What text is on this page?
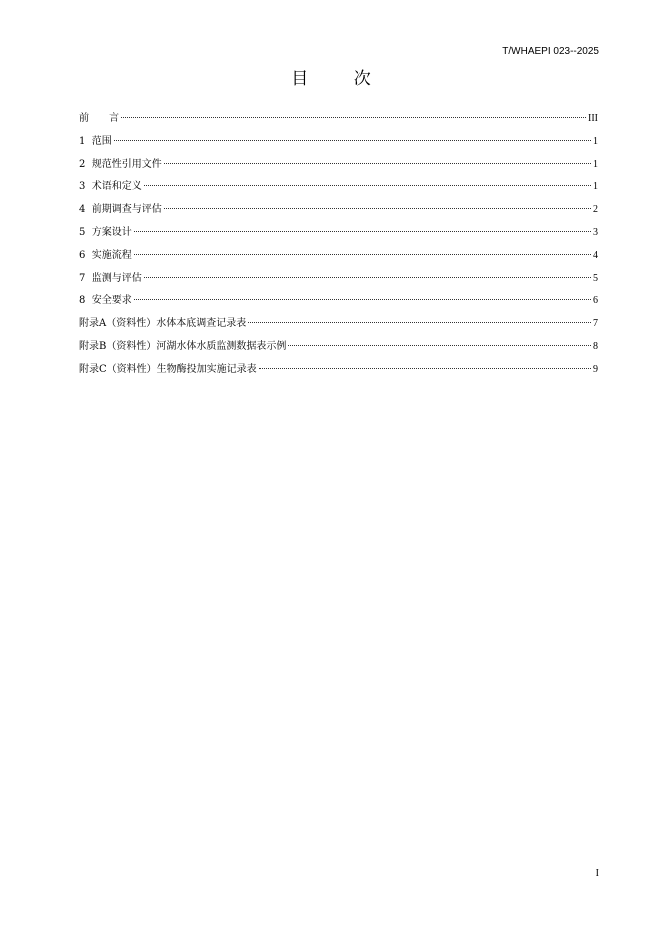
T/WHAEPI 023--2025
目 次
前　　言	III
1  范围	1
2  规范性引用文件	1
3  术语和定义	1
4  前期调查与评估	2
5  方案设计	3
6  实施流程	4
7  监测与评估	5
8  安全要求	6
附录A（资料性）水体本底调查记录表	7
附录B（资料性）河湖水体水质监测数据表示例	8
附录C（资料性）生物酶投加实施记录表	9
I
